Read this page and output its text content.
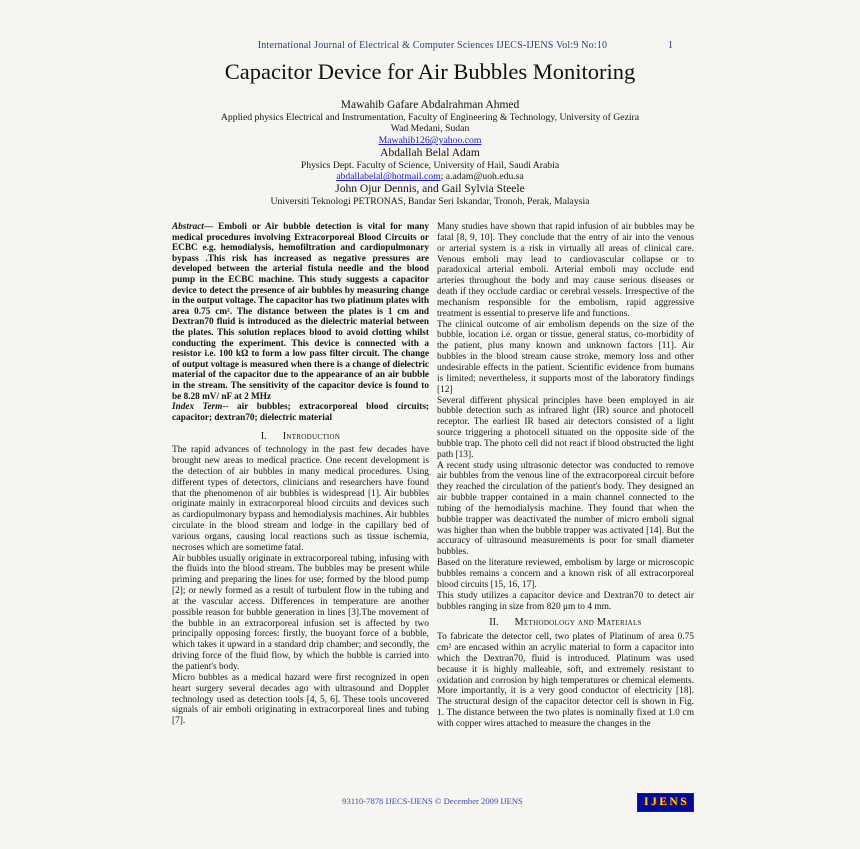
International Journal of Electrical & Computer Sciences IJECS-IJENS Vol:9 No:10	1
Capacitor Device for Air Bubbles Monitoring
Mawahib Gafare Abdalrahman Ahmed
Applied physics Electrical and Instrumentation, Faculty of Engineering & Technology, University of Gezira
Wad Medani, Sudan
Mawahib126@yahoo.com
Abdallah Belal Adam
Physics Dept. Faculty of Science, University of Hail, Saudi Arabia
abdallabelal@hotmail.com; a.adam@uoh.edu.sa
John Ojur Dennis, and Gail Sylvia Steele
Universiti Teknologi PETRONAS, Bandar Seri Iskandar, Tronoh, Perak, Malaysia

Abstract— Emboli or Air bubble detection is vital for many medical procedures involving Extracorporeal Blood Circuits or ECBC e.g. hemodialysis, hemofiltration and cardiopulmonary bypass .This risk has increased as negative pressures are developed between the arterial fistula needle and the blood pump in the ECBC machine. This study suggests a capacitor device to detect the presence of air bubbles by measuring change in the output voltage. The capacitor has two platinum plates with area 0.75 cm². The distance between the plates is 1 cm and Dextran70 fluid is introduced as the dielectric material between the plates. This solution replaces blood to avoid clotting whilst conducting the experiment. This device is connected with a resistor i.e. 100 kΩ to form a low pass filter circuit. The change of output voltage is measured when there is a change of dielectric material of the capacitor due to the appearance of an air bubble in the stream. The sensitivity of the capacitor device is found to be 8.28 mV/ nF at 2 MHz

Index Term-- air bubbles; extracorporeal blood circuits; capacitor; dextran70; dielectric material

I. Introduction

The rapid advances of technology in the past few decades have brought new areas to medical practice. One recent development is the detection of air bubbles in many medical procedures. Using different types of detectors, clinicians and researchers have found that the phenomenon of air bubbles is widespread [1]. Air bubbles originate mainly in extracorporeal blood circuits and devices such as cardiopulmonary bypass and hemodialysis machines. Air bubbles circulate in the blood stream and lodge in the capillary bed of various organs, causing local reactions such as tissue ischemia, necroses which are sometime fatal.

Air bubbles usually originate in extracorporeal tubing, infusing with the fluids into the blood stream. The bubbles may be present while priming and preparing the lines for use; formed by the blood pump [2]; or newly formed as a result of turbulent flow in the tubing and at the vascular access. Differences in temperature are another possible reason for bubble generation in lines [3].The movement of the bubble in an extracorporeal infusion set is affected by two principally opposing forces: firstly, the buoyant force of a bubble, which takes it upward in a standard drip chamber; and secondly, the driving force of the fluid flow, by which the bubble is carried into the patient's body.

Micro bubbles as a medical hazard were first recognized in open heart surgery several decades ago with ultrasound and Doppler technology used as detection tools [4, 5, 6]. These tools uncovered signals of air emboli originating in extracorporeal lines and tubing [7].

Many studies have shown that rapid infusion of air bubbles may be fatal [8, 9, 10]. They conclude that the entry of air into the venous or arterial system is a risk in virtually all areas of clinical care. Venous emboli may lead to cardiovascular collapse or to paradoxical arterial emboli. Arterial emboli may occlude end arteries throughout the body and may cause serious diseases or death if they occlude cardiac or cerebral vessels. Irrespective of the mechanism responsible for the embolism, rapid aggressive treatment is essential to preserve life and functions.

The clinical outcome of air embolism depends on the size of the bubble, location i.e. organ or tissue, general status, co-morbidity of the patient, plus many known and unknown factors [11]. Air bubbles in the blood stream cause stroke, memory loss and other undesirable effects in the patient. Scientific evidence from humans is limited; nevertheless, it supports most of the laboratory findings [12]

Several different physical principles have been employed in air bubble detection such as infrared light (IR) source and photocell receptor. The earliest IR based air detectors consisted of a light source triggering a photocell situated on the opposite side of the bubble trap. The photo cell did not react if blood obstructed the light path [13].

A recent study using ultrasonic detector was conducted to remove air bubbles from the venous line of the extracorporeal circuit before they reached the circulation of the patient's body. They designed an air bubble trapper contained in a main channel connected to the tubing of the hemodialysis machine. They found that when the bubble trapper was deactivated the number of micro emboli signal was higher than when the bubble trapper was activated [14]. But the accuracy of ultrasound measurements is poor for small diameter bubbles.

Based on the literature reviewed, embolism by large or microscopic bubbles remains a concern and a known risk of all extracorporeal blood circuits [15, 16, 17].

This study utilizes a capacitor device and Dextran70 to detect air bubbles ranging in size from 820 μm to 4 mm.

II. Methodology and Materials

To fabricate the detector cell, two plates of Platinum of area 0.75 cm² are encased within an acrylic material to form a capacitor into which the Dextran70, fluid is introduced. Platinum was used because it is highly malleable, soft, and extremely resistant to oxidation and corrosion by high temperatures or chemical elements. More importantly, it is a very good conductor of electricity [18]. The structural design of the capacitor detector cell is shown in Fig. 1. The distance between the two plates is nominally fixed at 1.0 cm with copper wires attached to measure the changes in the

93110-7878 IJECS-IJENS © December 2009 IJENS	IJENS
